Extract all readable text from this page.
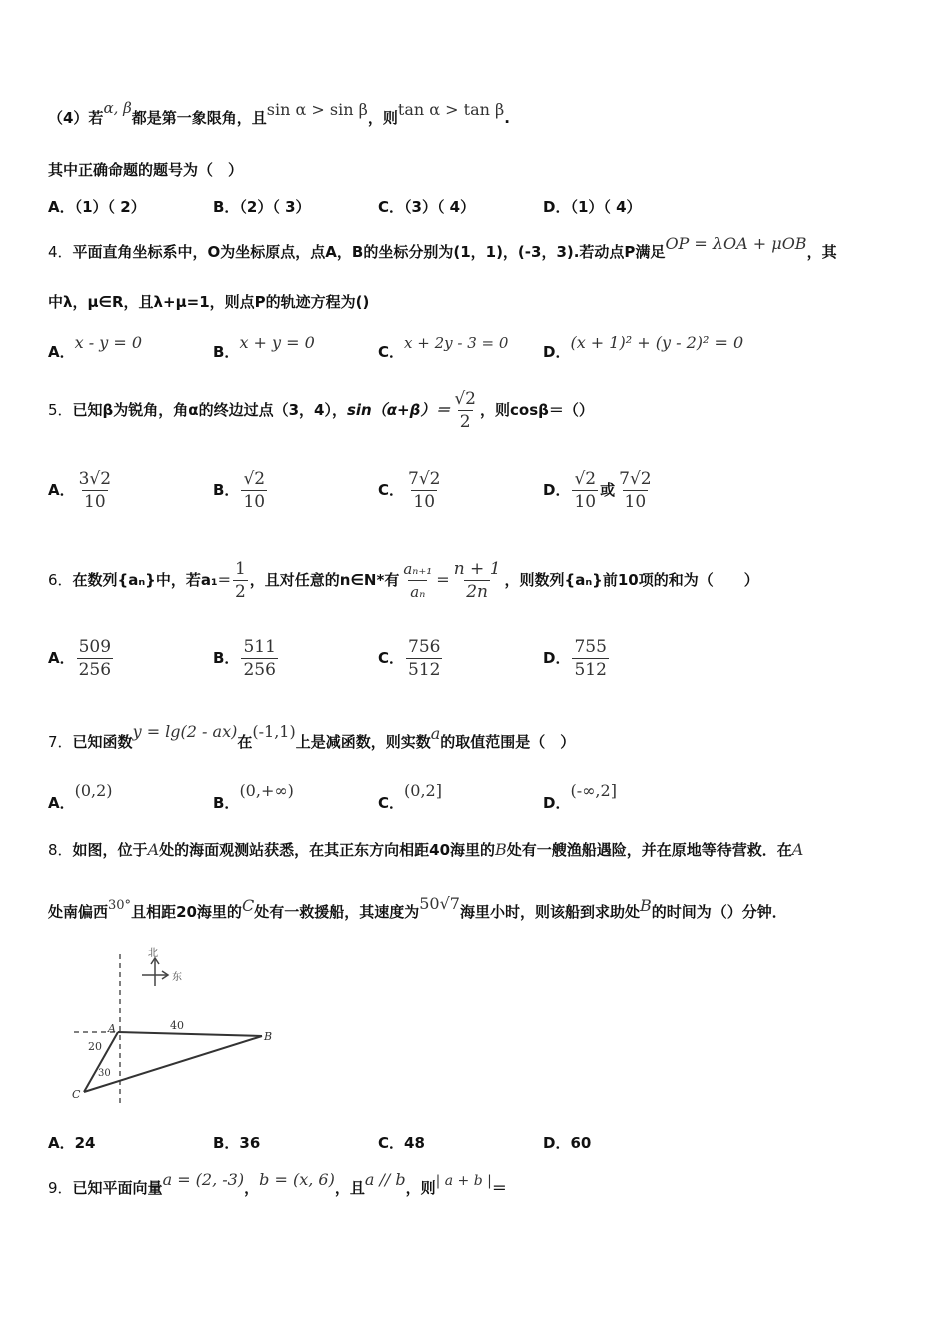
（4）若α, β都是第一象限角，且sin α > sin β，则tan α > tan β.
其中正确命题的题号为（　）
A．（1）（ 2）	B．（2）（ 3）	C．（3）（ 4）	D．（1）（ 4）
4．平面直角坐标系中，O为坐标原点，点A，B的坐标分别为(1，1)，(-3，3).若动点P满足OP = λOA + μOB，其
中λ，μ∈R，且λ+μ=1，则点P的轨迹方程为()
A．x - y = 0	B．x + y = 0	C．x + 2y - 3 = 0 D．(x + 1)² + (y - 2)² = 0
5．已知β为锐角，角α的终边过点（3，4），$\sin(\alpha+\beta)= \frac{√2}{2}$ ，则cosβ＝（）
A． $\frac{3√2}{10}$	B． $\frac{√2}{10}$	C． $\frac{7√2}{10}$	D． $\frac{√2}{10}$ 或 $\frac{7√2}{10}$
6．在数列{aₙ}中，若$a_1= \frac{1}{2}$ ，且对任意的n∈N*有 $\frac{\text{aₙ₊₁}}{\text{aₙ}} = \frac{n + 1}{2n}$ ，则数列{aₙ}前10项的和为（　　）
A． $\frac{509}{256}$	B． $\frac{511}{256}$	C． $\frac{756}{512}$	D． $\frac{755}{512}$
7．已知函数y = lg(2 - ax)在(-1,1)上是减函数，则实数a的取值范围是（　）
A．(0,2)
B．(0,+∞)
C．(0,2]
D．(-∞,2]
8．如图，位于A处的海面观测站获悉，在其正东方向相距40海里的B处有一艘渔船遇险，并在原地等待营救．在A
处南偏西30°且相距20海里的C处有一救援船，其速度为50√7海里小时，则该船到求助处B的时间为（）分钟．
北
东
A
B
C
40
20
30
A．24	B．36	C．48	D．60
9．已知平面向量a = (2, -3)，b = (x, 6)，且a // b，则| a + b |＝
